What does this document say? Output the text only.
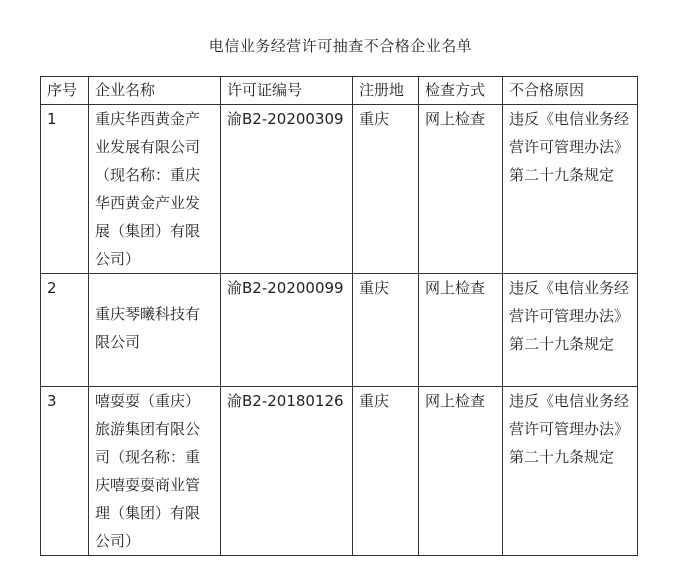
电信业务经营许可抽查不合格企业名单
序号	企业名称	许可证编号	注册地	检查方式	不合格原因
1	重庆华西黄金产业发展有限公司（现名称：重庆华西黄金产业发展（集团）有限公司）	渝B2-20200309	重庆	网上检查	违反《电信业务经营许可管理办法》第二十九条规定
2	重庆琴曦科技有限公司	渝B2-20200099	重庆	网上检查	违反《电信业务经营许可管理办法》第二十九条规定
3	嘻耍耍（重庆）旅游集团有限公司（现名称：重庆嘻耍耍商业管理（集团）有限公司）	渝B2-20180126	重庆	网上检查	违反《电信业务经营许可管理办法》第二十九条规定
